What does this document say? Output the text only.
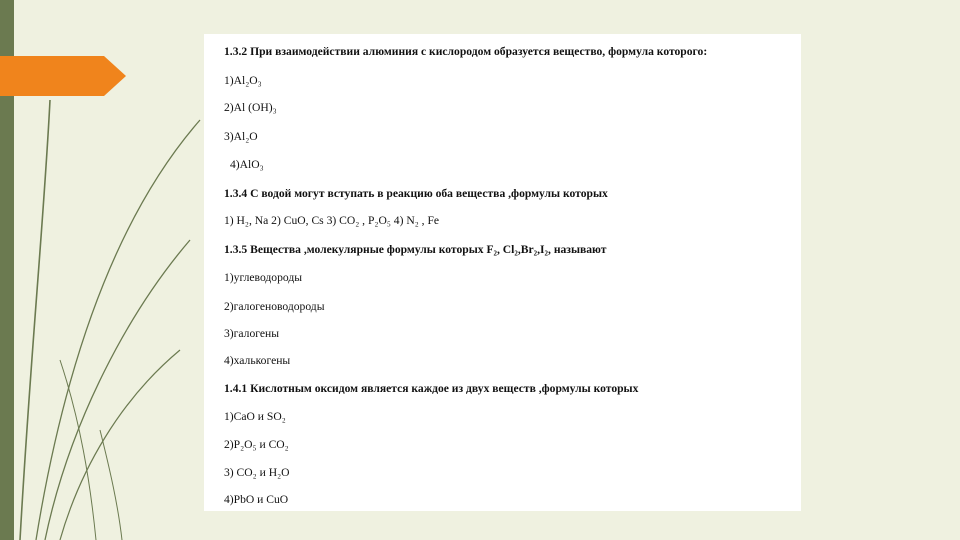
1.3.2 При взаимодействии алюминия с кислородом образуется вещество, формула которого:
1)Al₂O₃
2)Al (OH)₃
3)Al₂O
4)AlO₃
1.3.4 С водой могут вступать в реакцию оба вещества ,формулы которых
1) H₂, Na 2) CuO, Cs 3) CO₂ , P₂O₅ 4) N₂ , Fe
1.3.5 Вещества ,молекулярные формулы которых F₂, Cl₂,Br₂,I₂, называют
1)углеводороды
2)галогеноводороды
3)галогены
4)халькогены
1.4.1 Кислотным оксидом является каждое из двух веществ ,формулы которых
1)CaO и SO₂
2)P₂O₅ и CO₂
3) CO₂ и H₂O
4)PbO и CuO
